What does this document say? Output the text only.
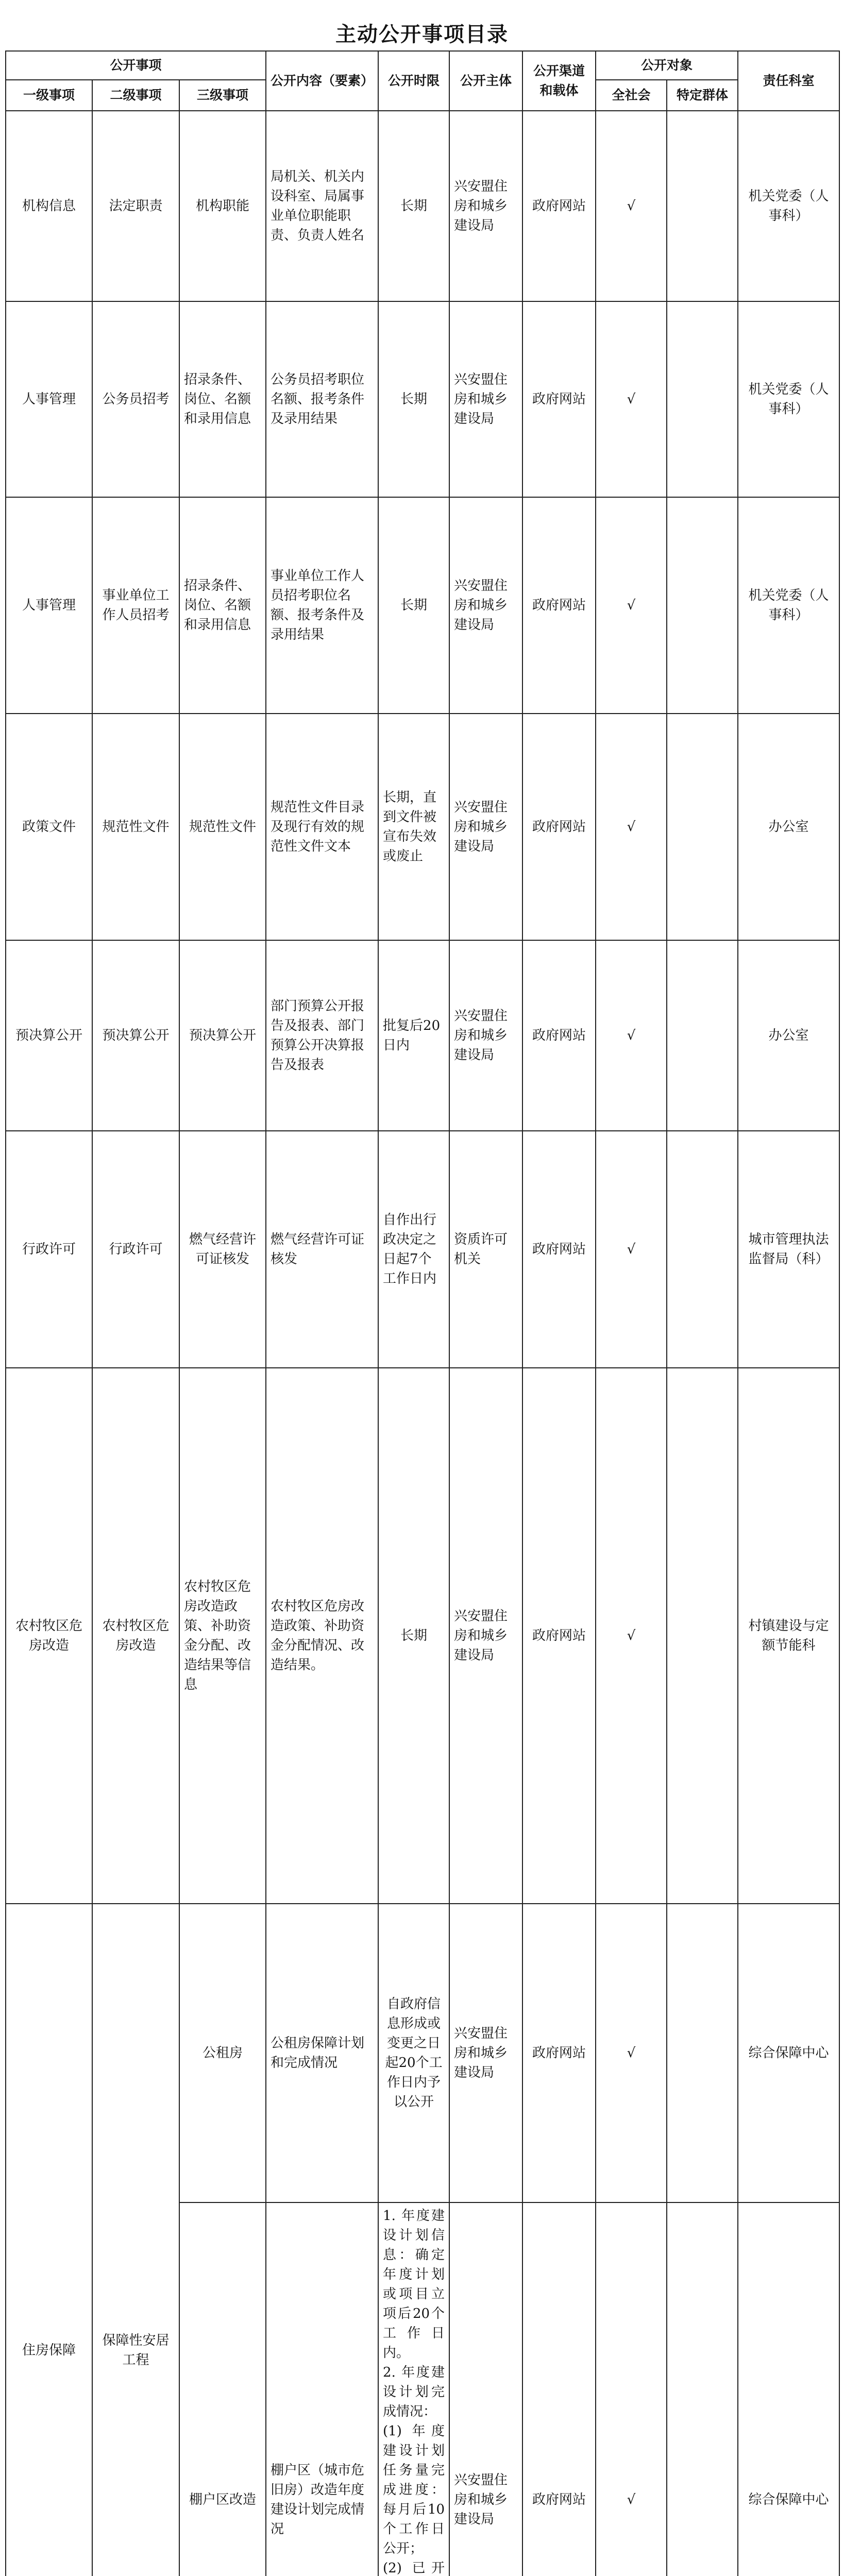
主动公开事项目录
公开事项			公开内容（要素）	公开时限	公开主体	公开渠道和载体	公开对象		责任科室
一级事项	二级事项	三级事项					全社会	特定群体	
机构信息	法定职责	机构职能	局机关、机关内设科室、局属事业单位职能职责、负责人姓名	长期	兴安盟住房和城乡建设局	政府网站	√		机关党委（人事科）
人事管理	公务员招考	招录条件、岗位、名额和录用信息	公务员招考职位名额、报考条件及录用结果	长期	兴安盟住房和城乡建设局	政府网站	√		机关党委（人事科）
人事管理	事业单位工作人员招考	招录条件、岗位、名额和录用信息	事业单位工作人员招考职位名额、报考条件及录用结果	长期	兴安盟住房和城乡建设局	政府网站	√		机关党委（人事科）
政策文件	规范性文件	规范性文件	规范性文件目录及现行有效的规范性文件文本	长期，直到文件被宣布失效或废止	兴安盟住房和城乡建设局	政府网站	√		办公室
预决算公开	预决算公开	预决算公开	部门预算公开报告及报表、部门预算公开决算报告及报表	批复后20日内	兴安盟住房和城乡建设局	政府网站	√		办公室
行政许可	行政许可	燃气经营许可证核发	燃气经营许可证核发	自作出行政决定之日起7个工作日内	资质许可机关	政府网站	√		城市管理执法监督局（科）
农村牧区危房改造	农村牧区危房改造	农村牧区危房改造政策、补助资金分配、改造结果等信息	农村牧区危房改造政策、补助资金分配情况、改造结果。	长期	兴安盟住房和城乡建设局	政府网站	√		村镇建设与定额节能科
住房保障	保障性安居工程	公租房	公租房保障计划和完成情况	自政府信息形成或变更之日起20个工作日内予以公开	兴安盟住房和城乡建设局	政府网站	√		综合保障中心
		棚户区改造	棚户区（城市危旧房）改造年度建设计划完成情况	1. 年度建设计划信息：确定年度计划或项目立项后20个工作日内。
2. 年度建设计划完成情况：
(1) 年度建设计划任务量完成进度：每月后10个工作日公开；
(2) 已开	兴安盟住房和城乡建设局	政府网站	√		综合保障中心
